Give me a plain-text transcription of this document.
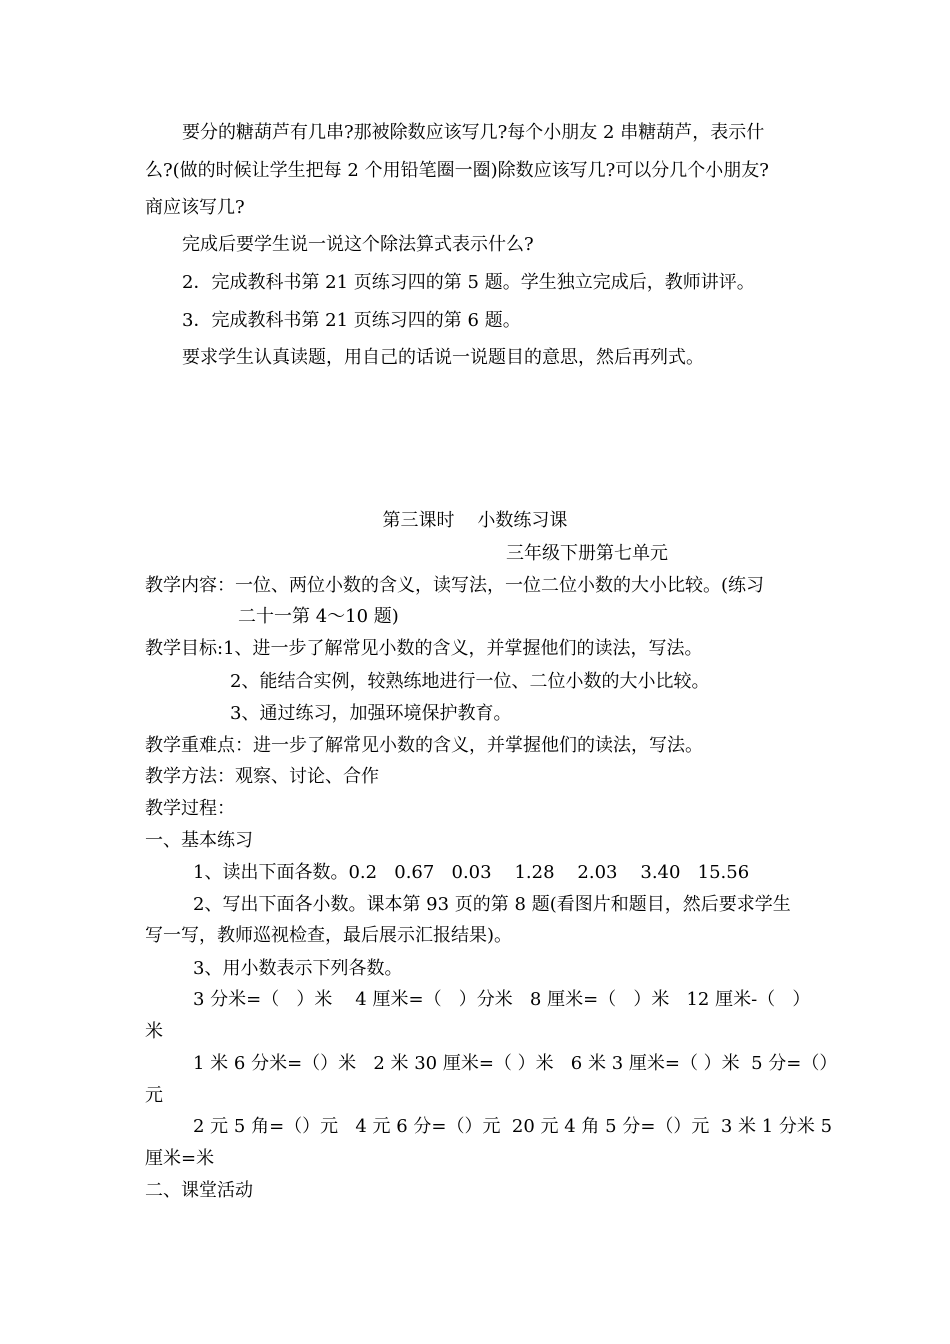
要分的糖葫芦有几串?那被除数应该写几?每个小朋友 2 串糖葫芦，表示什
么?(做的时候让学生把每 2 个用铅笔圈一圈)除数应该写几?可以分几个小朋友?
商应该写几?
完成后要学生说一说这个除法算式表示什么?
2．完成教科书第 21 页练习四的第 5 题。学生独立完成后，教师讲评。
3．完成教科书第 21 页练习四的第 6 题。
要求学生认真读题，用自己的话说一说题目的意思，然后再列式。
第三课时    小数练习课
三年级下册第七单元
教学内容：一位、两位小数的含义，读写法，一位二位小数的大小比较。(练习
二十一第 4～10 题)
教学目标:1、进一步了解常见小数的含义，并掌握他们的读法，写法。
2、能结合实例，较熟练地进行一位、二位小数的大小比较。
3、通过练习，加强环境保护教育。
教学重难点：进一步了解常见小数的含义，并掌握他们的读法，写法。
教学方法：观察、讨论、合作
教学过程：
一、基本练习
1、读出下面各数。0.2   0.67   0.03    1.28    2.03    3.40   15.56
2、写出下面各小数。课本第 93 页的第 8 题(看图片和题目，然后要求学生
写一写，教师巡视检查，最后展示汇报结果)。
3、用小数表示下列各数。
3 分米=（   ）米    4 厘米=（   ）分米   8 厘米=（   ）米   12 厘米-（   ）
米
1 米 6 分米=（）米   2 米 30 厘米=（ ）米   6 米 3 厘米=（ ）米  5 分=（）
元
2 元 5 角=（）元   4 元 6 分=（）元  20 元 4 角 5 分=（）元  3 米 1 分米 5
厘米=米
二、课堂活动
